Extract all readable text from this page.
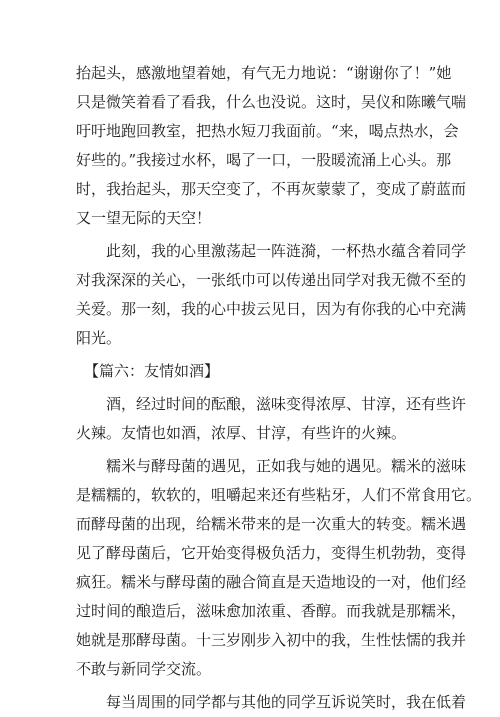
抬起头，感激地望着她，有气无力地说：“谢谢你了！”她
只是微笑着看了看我，什么也没说。这时，吴仪和陈曦气喘
吁吁地跑回教室，把热水短刀我面前。“来，喝点热水，会
好些的。”我接过水杯，喝了一口，一股暖流涌上心头。那
时，我抬起头，那天空变了，不再灰蒙蒙了，变成了蔚蓝而
又一望无际的天空！
此刻，我的心里激荡起一阵涟漪，一杯热水蕴含着同学
对我深深的关心，一张纸巾可以传递出同学对我无微不至的
关爱。那一刻，我的心中拔云见日，因为有你我的心中充满
阳光。
【篇六：友情如酒】
酒，经过时间的酝酿，滋味变得浓厚、甘淳，还有些许
火辣。友情也如酒，浓厚、甘淳，有些许的火辣。
糯米与酵母菌的遇见，正如我与她的遇见。糯米的滋味
是糯糯的，软软的，咀嚼起来还有些粘牙，人们不常食用它。
而酵母菌的出现，给糯米带来的是一次重大的转变。糯米遇
见了酵母菌后，它开始变得极负活力，变得生机勃勃，变得
疯狂。糯米与酵母菌的融合简直是天造地设的一对，他们经
过时间的酿造后，滋味愈加浓重、香醇。而我就是那糯米，
她就是那酵母菌。十三岁刚步入初中的我，生性怯懦的我并
不敢与新同学交流。
每当周围的同学都与其他的同学互诉说笑时，我在低着
